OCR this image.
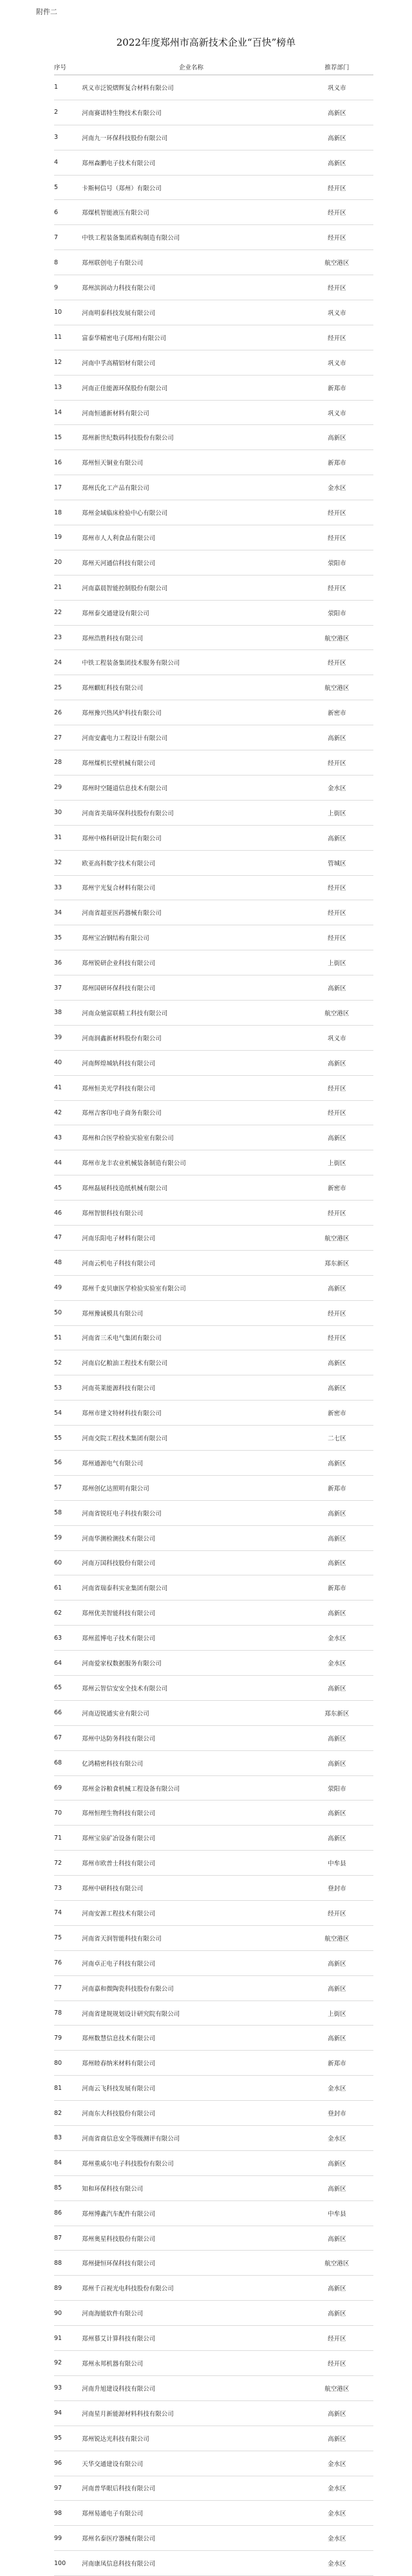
附件二
2022年度郑州市高新技术企业“百快”榜单
序号	企业名称	推荐部门
1	巩义市泛锐熠辉复合材料有限公司	巩义市
2	河南赛诺特生物技术有限公司	高新区
3	河南九一环保科技股份有限公司	高新区
4	郑州森鹏电子技术有限公司	高新区
5	卡斯柯信号（郑州）有限公司	经开区
6	郑煤机智能液压有限公司	经开区
7	中铁工程装备集团盾构制造有限公司	经开区
8	郑州联创电子有限公司	航空港区
9	郑州滨润动力科技有限公司	经开区
10	河南明泰科技发展有限公司	巩义市
11	富泰华精密电子(郑州)有限公司	经开区
12	河南中孚高精铝材有限公司	巩义市
13	河南正佳能源环保股份有限公司	新郑市
14	河南恒通新材料有限公司	巩义市
15	郑州新世纪数码科技股份有限公司	高新区
16	郑州恒天铜业有限公司	新郑市
17	郑州氏化工产品有限公司	金水区
18	郑州金域临床检验中心有限公司	经开区
19	郑州市人人利食品有限公司	经开区
20	郑州天河通信科技有限公司	荥阳市
21	河南嘉晨智能控制股份有限公司	经开区
22	郑州泰交通建设有限公司	荥阳市
23	郑州浩胜科技有限公司	航空港区
24	中铁工程装备集团技术服务有限公司	经开区
25	郑州麒虹科技有限公司	航空港区
26	郑州豫兴热风炉科技有限公司	新密市
27	河南安鑫电力工程设计有限公司	高新区
28	郑州煤机长壁机械有限公司	经开区
29	郑州时空隧道信息技术有限公司	金水区
30	河南省美瑞环保科技股份有限公司	上街区
31	郑州中格科研设计院有限公司	高新区
32	欧亚高科数字技术有限公司	管城区
33	郑州宇光复合材料有限公司	经开区
34	河南省超亚医药器械有限公司	经开区
35	郑州宝冶钢结构有限公司	经开区
36	郑州锐研企业科技有限公司	上街区
37	郑州国研环保科技有限公司	高新区
38	河南众驰富联精工科技有限公司	航空港区
39	河南润鑫新材料股份有限公司	巩义市
40	河南辉煌城轨科技有限公司	高新区
41	郑州恒美光学科技有限公司	经开区
42	郑州吉客印电子商务有限公司	经开区
43	郑州和合医学检验实验室有限公司	高新区
44	郑州市龙丰农业机械装备制造有限公司	上街区
45	郑州磊展科技造纸机械有限公司	新密市
46	郑州智银科技有限公司	经开区
47	河南乐阳电子材料有限公司	航空港区
48	河南云机电子科技有限公司	郑东新区
49	郑州千麦贝康医学检验实验室有限公司	高新区
50	郑州豫诚模具有限公司	经开区
51	河南省三禾电气集团有限公司	经开区
52	河南启亿粮油工程技术有限公司	高新区
53	河南英莱能源科技有限公司	高新区
54	郑州市建文特材科技有限公司	新密市
55	河南交院工程技术集团有限公司	二七区
56	郑州通源电气有限公司	高新区
57	郑州创亿达照明有限公司	新郑市
58	河南省锐旺电子科技有限公司	高新区
59	河南华测检测技术有限公司	高新区
60	河南万国科技股份有限公司	高新区
61	河南省瑞泰科实业集团有限公司	新郑市
62	郑州优美智能科技有限公司	高新区
63	郑州蓝博电子技术有限公司	金水区
64	河南爱家权数据服务有限公司	金水区
65	郑州云智信安安全技术有限公司	高新区
66	河南迈锐通实业有限公司	郑东新区
67	郑州中达防务科技有限公司	高新区
68	亿鸿精密科技有限公司	高新区
69	郑州金谷粮食机械工程设备有限公司	荥阳市
70	郑州恒理生物科技有限公司	高新区
71	郑州宝泉矿冶设备有限公司	高新区
72	郑州市欧普士科技有限公司	中牟县
73	郑州中研科技有限公司	登封市
74	河南安源工程技术有限公司	经开区
75	河南省天润智能科技有限公司	航空港区
76	河南卓正电子科技有限公司	高新区
77	河南嘉和微陶瓷科技股份有限公司	高新区
78	河南省建规规划设计研究院有限公司	上街区
79	郑州数慧信息技术有限公司	高新区
80	郑州睦春纳米材料有限公司	新郑市
81	河南云飞科技发展有限公司	金水区
82	河南东大科技股份有限公司	登封市
83	河南省商信息安全等级测评有限公司	金水区
84	郑州重威尔电子科技股份有限公司	高新区
85	知和环保科技有限公司	高新区
86	郑州博鑫汽车配件有限公司	中牟县
87	郑州奥星科技股份有限公司	高新区
88	郑州捷恒环保科技有限公司	航空港区
89	郑州千百视光电科技股份有限公司	高新区
90	河南海能软件有限公司	高新区
91	郑州慕艾计算科技有限公司	经开区
92	郑州永邦机器有限公司	经开区
93	河南升旭建设科技有限公司	航空港区
94	河南星月新能源材料科技有限公司	高新区
95	郑州锐达光科技有限公司	高新区
96	天华交通建设有限公司	金水区
97	河南普华眼后科技有限公司	金水区
98	郑州易通电子有限公司	金水区
99	郑州名泰医疗器械有限公司	金水区
100	河南康凤信息科技有限公司	金水区
